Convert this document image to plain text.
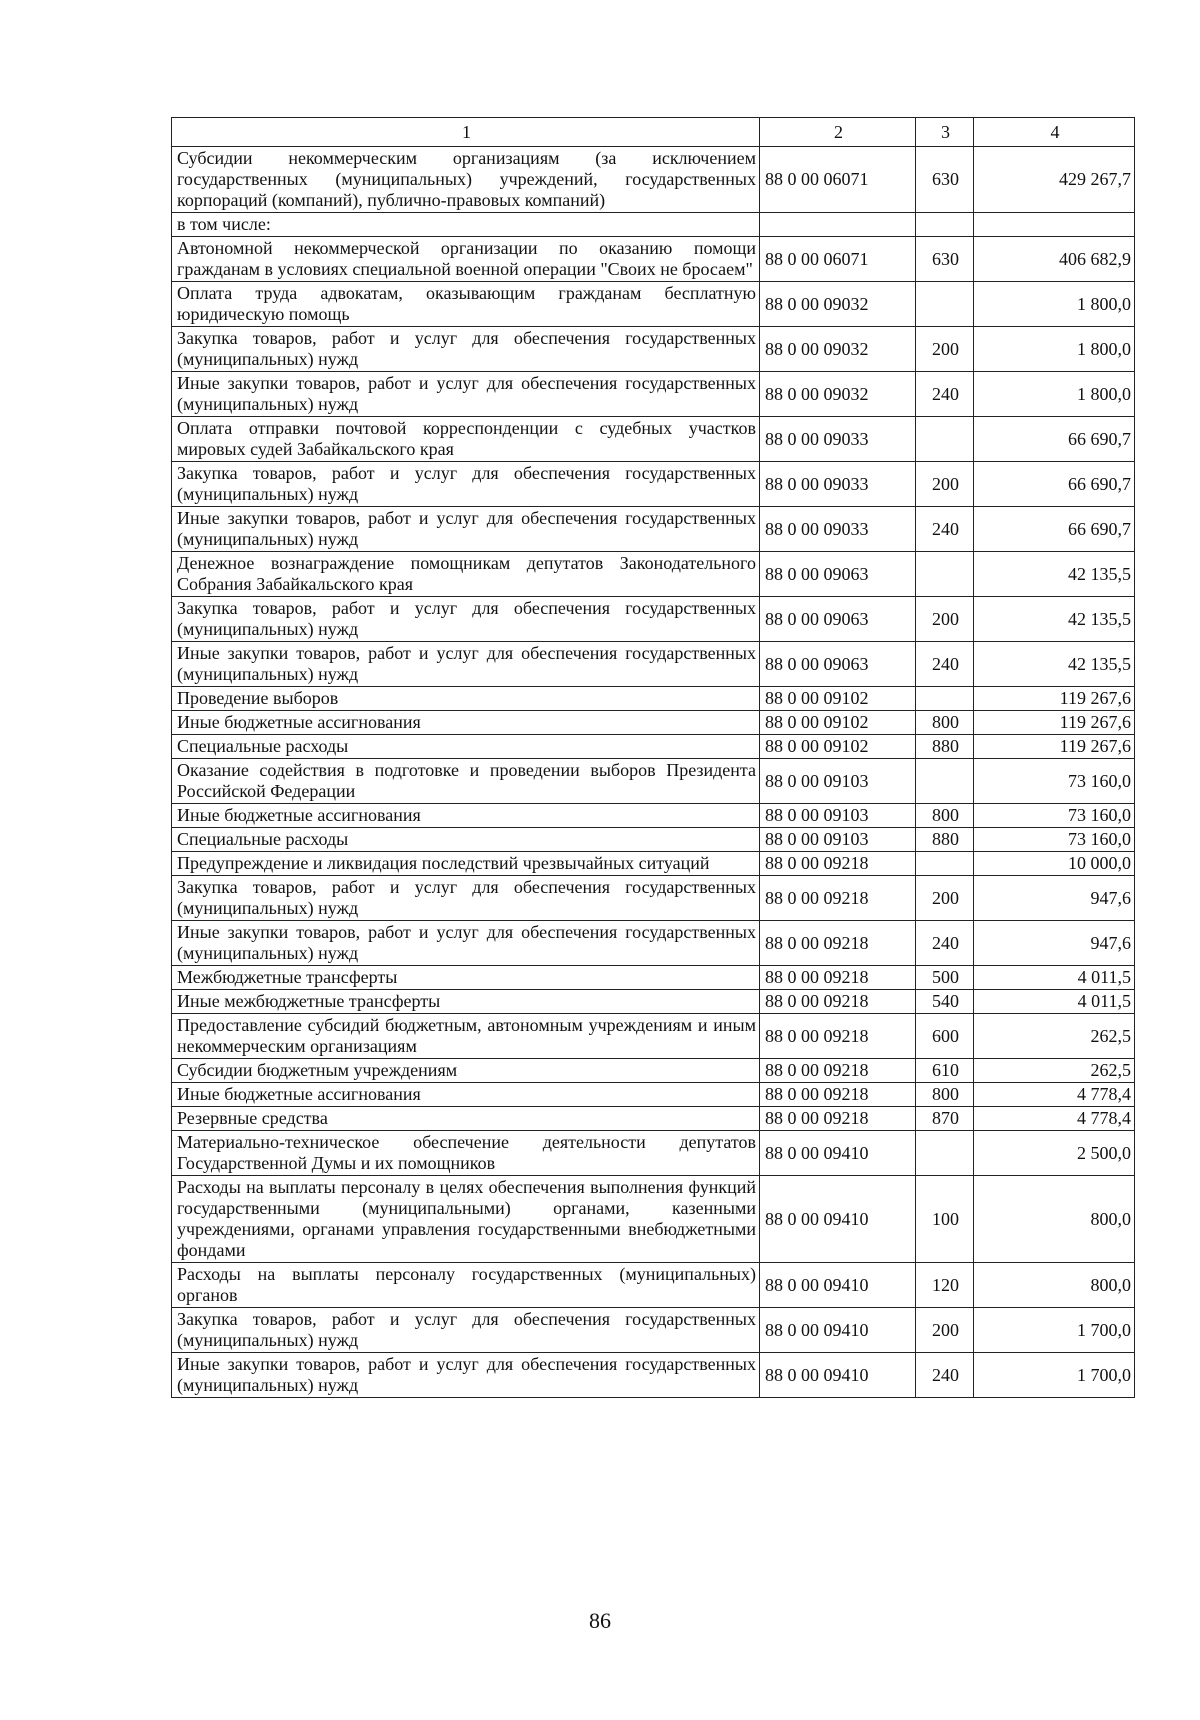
1	2	3	4
Субсидии некоммерческим организациям (за исключением государственных (муниципальных) учреждений, государственных корпораций (компаний), публично-правовых компаний)	88 0 00 06071	630	429 267,7
в том числе:			
Автономной некоммерческой организации по оказанию помощи гражданам в условиях специальной военной операции "Своих не бросаем"	88 0 00 06071	630	406 682,9
Оплата труда адвокатам, оказывающим гражданам бесплатную юридическую помощь	88 0 00 09032		1 800,0
Закупка товаров, работ и услуг для обеспечения государственных (муниципальных) нужд	88 0 00 09032	200	1 800,0
Иные закупки товаров, работ и услуг для обеспечения государственных (муниципальных) нужд	88 0 00 09032	240	1 800,0
Оплата отправки почтовой корреспонденции с судебных участков мировых судей Забайкальского края	88 0 00 09033		66 690,7
Закупка товаров, работ и услуг для обеспечения государственных (муниципальных) нужд	88 0 00 09033	200	66 690,7
Иные закупки товаров, работ и услуг для обеспечения государственных (муниципальных) нужд	88 0 00 09033	240	66 690,7
Денежное вознаграждение помощникам депутатов Законодательного Собрания Забайкальского края	88 0 00 09063		42 135,5
Закупка товаров, работ и услуг для обеспечения государственных (муниципальных) нужд	88 0 00 09063	200	42 135,5
Иные закупки товаров, работ и услуг для обеспечения государственных (муниципальных) нужд	88 0 00 09063	240	42 135,5
Проведение выборов	88 0 00 09102		119 267,6
Иные бюджетные ассигнования	88 0 00 09102	800	119 267,6
Специальные расходы	88 0 00 09102	880	119 267,6
Оказание содействия в подготовке и проведении выборов Президента Российской Федерации	88 0 00 09103		73 160,0
Иные бюджетные ассигнования	88 0 00 09103	800	73 160,0
Специальные расходы	88 0 00 09103	880	73 160,0
Предупреждение и ликвидация последствий чрезвычайных ситуаций	88 0 00 09218		10 000,0
Закупка товаров, работ и услуг для обеспечения государственных (муниципальных) нужд	88 0 00 09218	200	947,6
Иные закупки товаров, работ и услуг для обеспечения государственных (муниципальных) нужд	88 0 00 09218	240	947,6
Межбюджетные трансферты	88 0 00 09218	500	4 011,5
Иные межбюджетные трансферты	88 0 00 09218	540	4 011,5
Предоставление субсидий бюджетным, автономным учреждениям и иным некоммерческим организациям	88 0 00 09218	600	262,5
Субсидии бюджетным учреждениям	88 0 00 09218	610	262,5
Иные бюджетные ассигнования	88 0 00 09218	800	4 778,4
Резервные средства	88 0 00 09218	870	4 778,4
Материально-техническое обеспечение деятельности депутатов Государственной Думы и их помощников	88 0 00 09410		2 500,0
Расходы на выплаты персоналу в целях обеспечения выполнения функций государственными (муниципальными) органами, казенными учреждениями, органами управления государственными внебюджетными фондами	88 0 00 09410	100	800,0
Расходы на выплаты персоналу государственных (муниципальных) органов	88 0 00 09410	120	800,0
Закупка товаров, работ и услуг для обеспечения государственных (муниципальных) нужд	88 0 00 09410	200	1 700,0
Иные закупки товаров, работ и услуг для обеспечения государственных (муниципальных) нужд	88 0 00 09410	240	1 700,0
86
